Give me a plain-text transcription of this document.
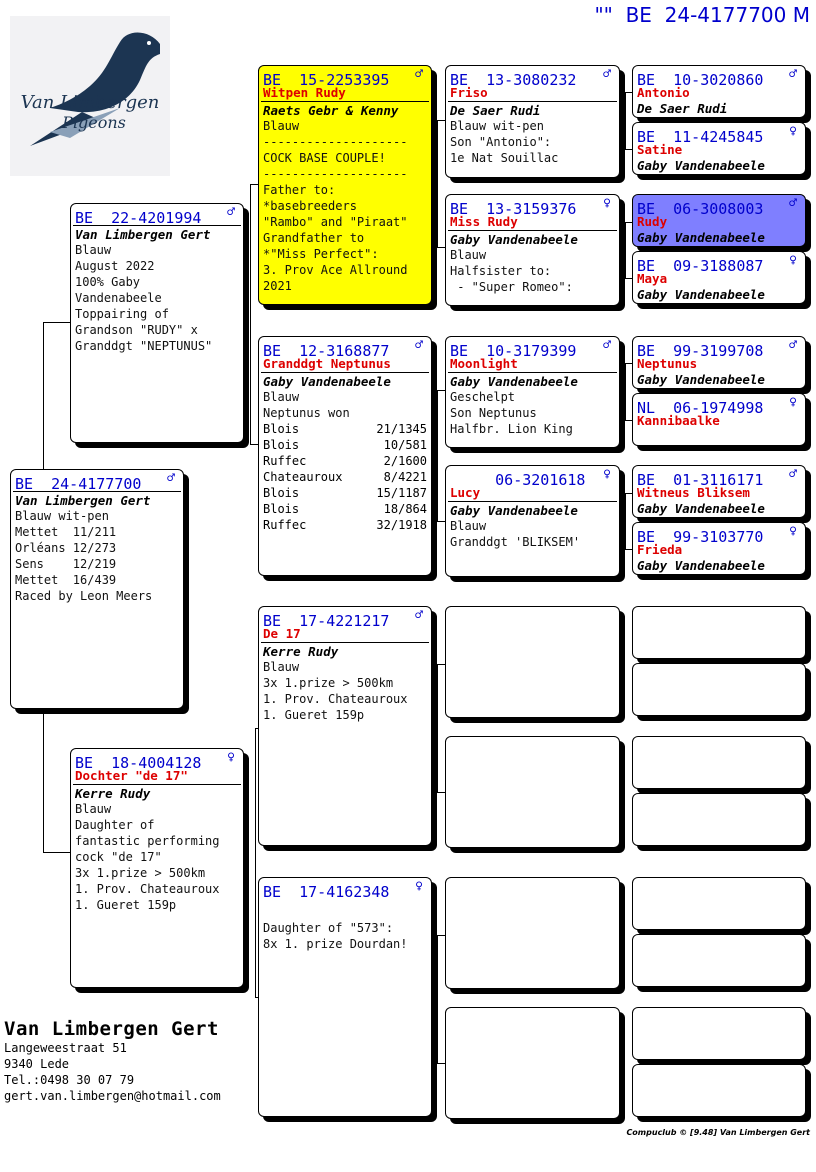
""  BE  24-4177700 M
Van Limbergen
Pigeons
BE  24-4177700 ♂
Van Limbergen Gert
Blauw wit-pen
Mettet  11/211
Orléans 12/273
Sens    12/219
Mettet  16/439
Raced by Leon Meers
BE  22-4201994 ♂
Van Limbergen Gert
Blauw
August 2022
100% Gaby
Vandenabeele
Toppairing of
Grandson "RUDY" x
Granddgt "NEPTUNUS"
BE  18-4004128 ♀
Dochter "de 17"
Kerre Rudy
Blauw
Daughter of
fantastic performing
cock "de 17"
3x 1.prize > 500km
1. Prov. Chateauroux
1. Gueret 159p
BE  15-2253395 ♂
Witpen Rudy
Raets Gebr & Kenny
Blauw
--------------------
COCK BASE COUPLE!
--------------------
Father to:
*basebreeders
"Rambo" and "Piraat"
Grandfather to
*"Miss Perfect":
3. Prov Ace Allround
2021
BE  12-3168877 ♂
Granddgt Neptunus
Gaby Vandenabeele
Blauw
Neptunus won
Blois	21/1345
Blois	10/581
Ruffec	2/1600
Chateauroux	8/4221
Blois	15/1187
Blois	18/864
Ruffec	32/1918
BE  17-4221217 ♂
De 17
Kerre Rudy
Blauw
3x 1.prize > 500km
1. Prov. Chateauroux
1. Gueret 159p
BE  17-4162348 ♀
Daughter of "573":
8x 1. prize Dourdan!
BE  13-3080232 ♂
Friso
De Saer Rudi
Blauw wit-pen
Son "Antonio":
1e Nat Souillac
BE  13-3159376 ♀
Miss Rudy
Gaby Vandenabeele
Blauw
Halfsister to:
- "Super Romeo":
BE  10-3179399 ♂
Moonlight
Gaby Vandenabeele
Geschelpt
Son Neptunus
Halfbr. Lion King
06-3201618 ♀
Lucy
Gaby Vandenabeele
Blauw
Granddgt 'BLIKSEM'
BE  10-3020860 ♂
Antonio
De Saer Rudi
BE  11-4245845 ♀
Satine
Gaby Vandenabeele
BE  06-3008003 ♂
Rudy
Gaby Vandenabeele
BE  09-3188087 ♀
Maya
Gaby Vandenabeele
BE  99-3199708 ♂
Neptunus
Gaby Vandenabeele
NL  06-1974998 ♀
Kannibaalke
BE  01-3116171 ♂
Witneus Bliksem
Gaby Vandenabeele
BE  99-3103770 ♀
Frieda
Gaby Vandenabeele
Van Limbergen Gert
Langeweestraat 51
9340 Lede
Tel.:0498 30 07 79
gert.van.limbergen@hotmail.com
Compuclub © [9.48] Van Limbergen Gert
